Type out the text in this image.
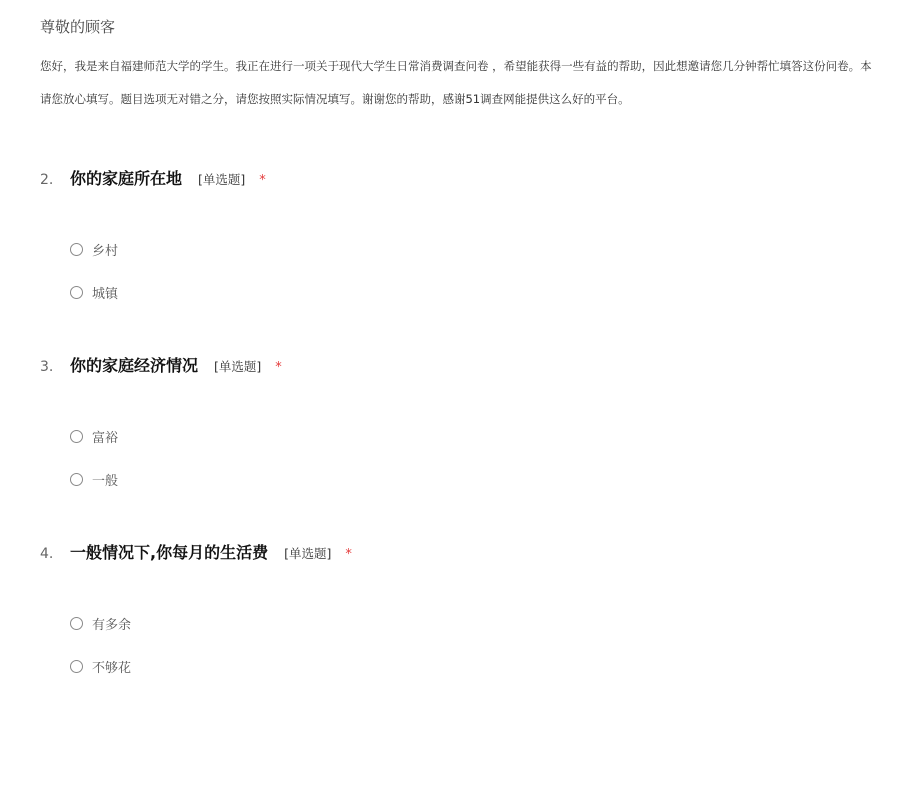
尊敬的顾客
您好，我是来自福建师范大学的学生。我正在进行一项关于现代大学生日常消费调查问卷 ，希望能获得一些有益的帮助，因此想邀请您几分钟帮忙填答这份问卷。本
请您放心填写。题目选项无对错之分，请您按照实际情况填写。谢谢您的帮助，感谢51调查网能提供这么好的平台。
2.	你的家庭所在地 [单选题] *
乡村
城镇
3.	你的家庭经济情况 [单选题] *
富裕
一般
4.	一般情况下,你每月的生活费 [单选题] *
有多余
不够花
